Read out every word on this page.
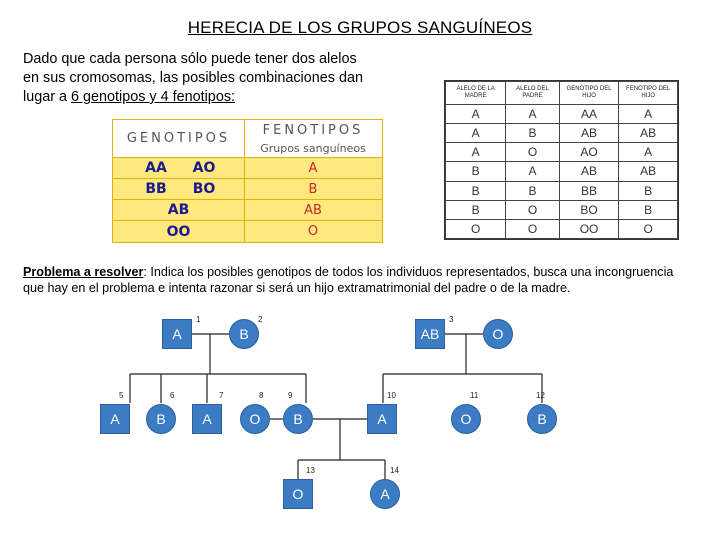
HERECIA DE LOS GRUPOS SANGUÍNEOS
Dado que cada persona sólo puede tener dos alelos
en sus cromosomas, las posibles combinaciones dan
lugar a 6 genotipos y 4 fenotipos:
GENOTIPOS
FENOTIPOS
Grupos sanguíneos
AA	AO	A
BB	BO	B
AB	AB
OO	O
ALELO DE LA MADRE	ALELO DEL PADRE	GENOTIPO DEL HIJO	FENOTIPO DEL HIJO
A	A	AA	A
A	B	AB	AB
A	O	AO	A
B	A	AB	AB
B	B	BB	B
B	O	BO	B
O	O	OO	O
Problema a resolver: Indica los posibles genotipos de todos los individuos representados, busca una incongruencia que hay en el problema e intenta razonar si será un hijo extramatrimonial del padre o de la madre.
A
1
B
2
AB
3
O
A
5
B
6
A
7
O
8
B
9
A
10
O
11
B
12
O
13
A
14
